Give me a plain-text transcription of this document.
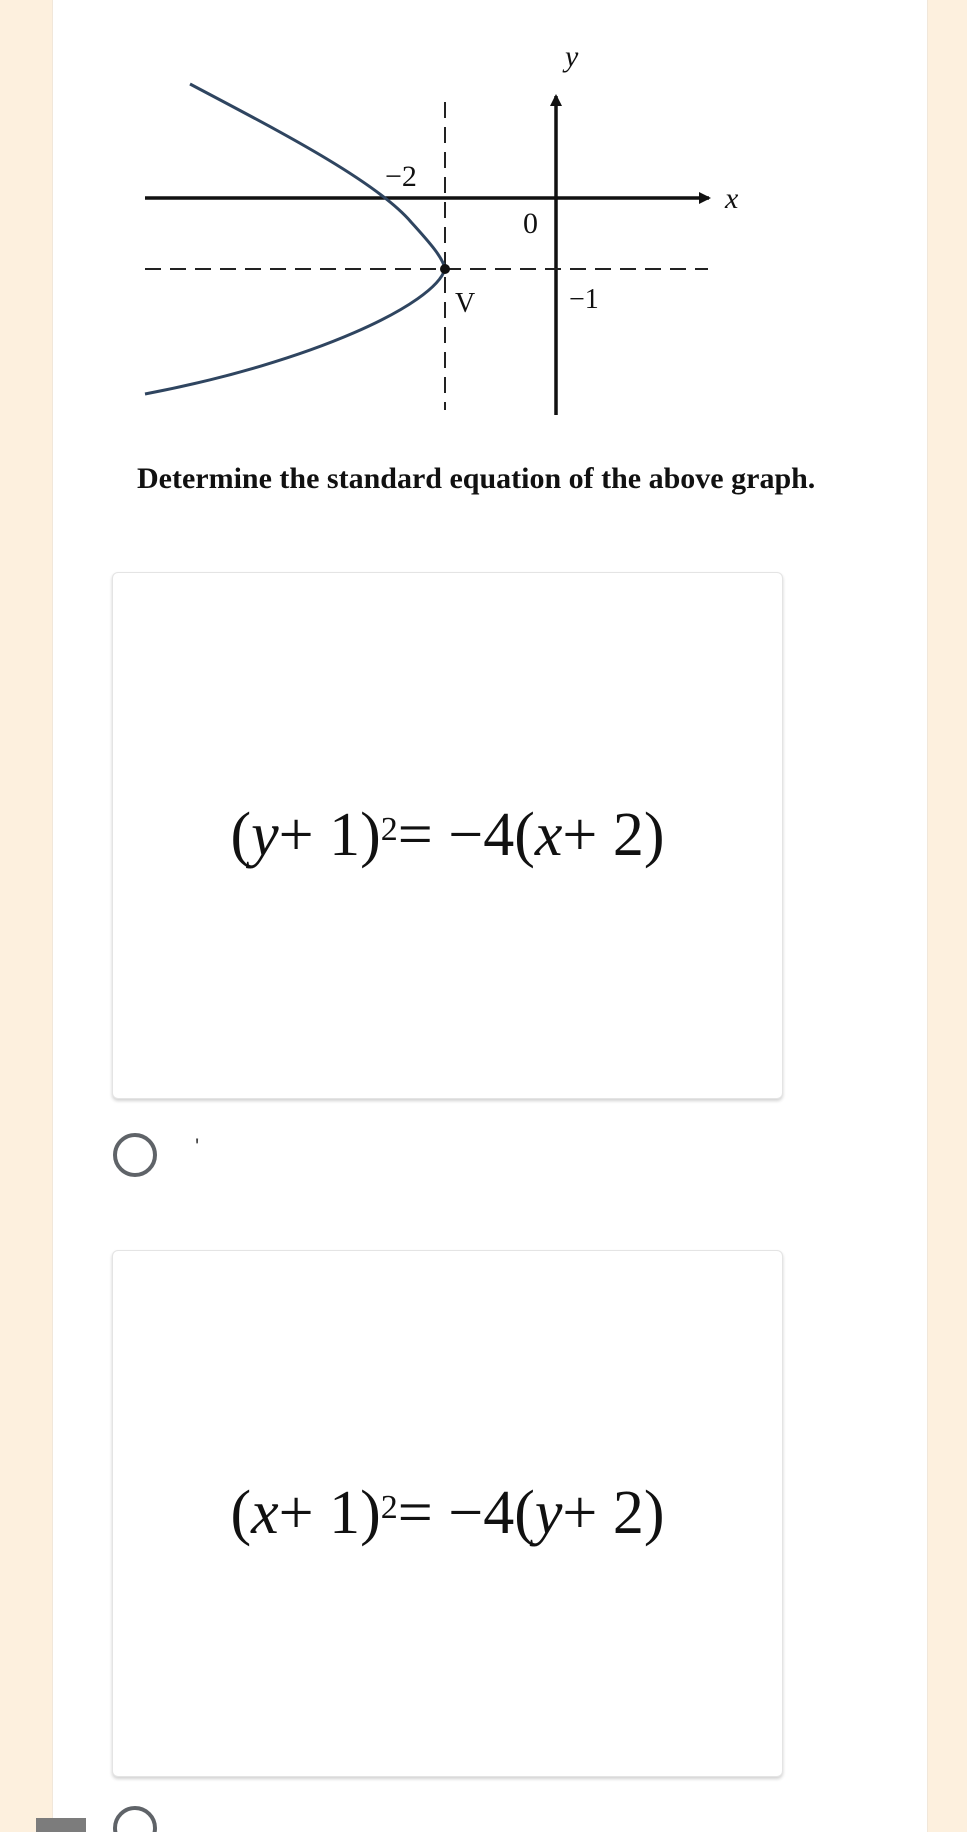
y
x
0
−2
−1
V
Determine the standard equation of the above graph.
( y + 1)$^2$ = −4( x + 2)
'
( x + 1)$^2$ = −4( y + 2)
